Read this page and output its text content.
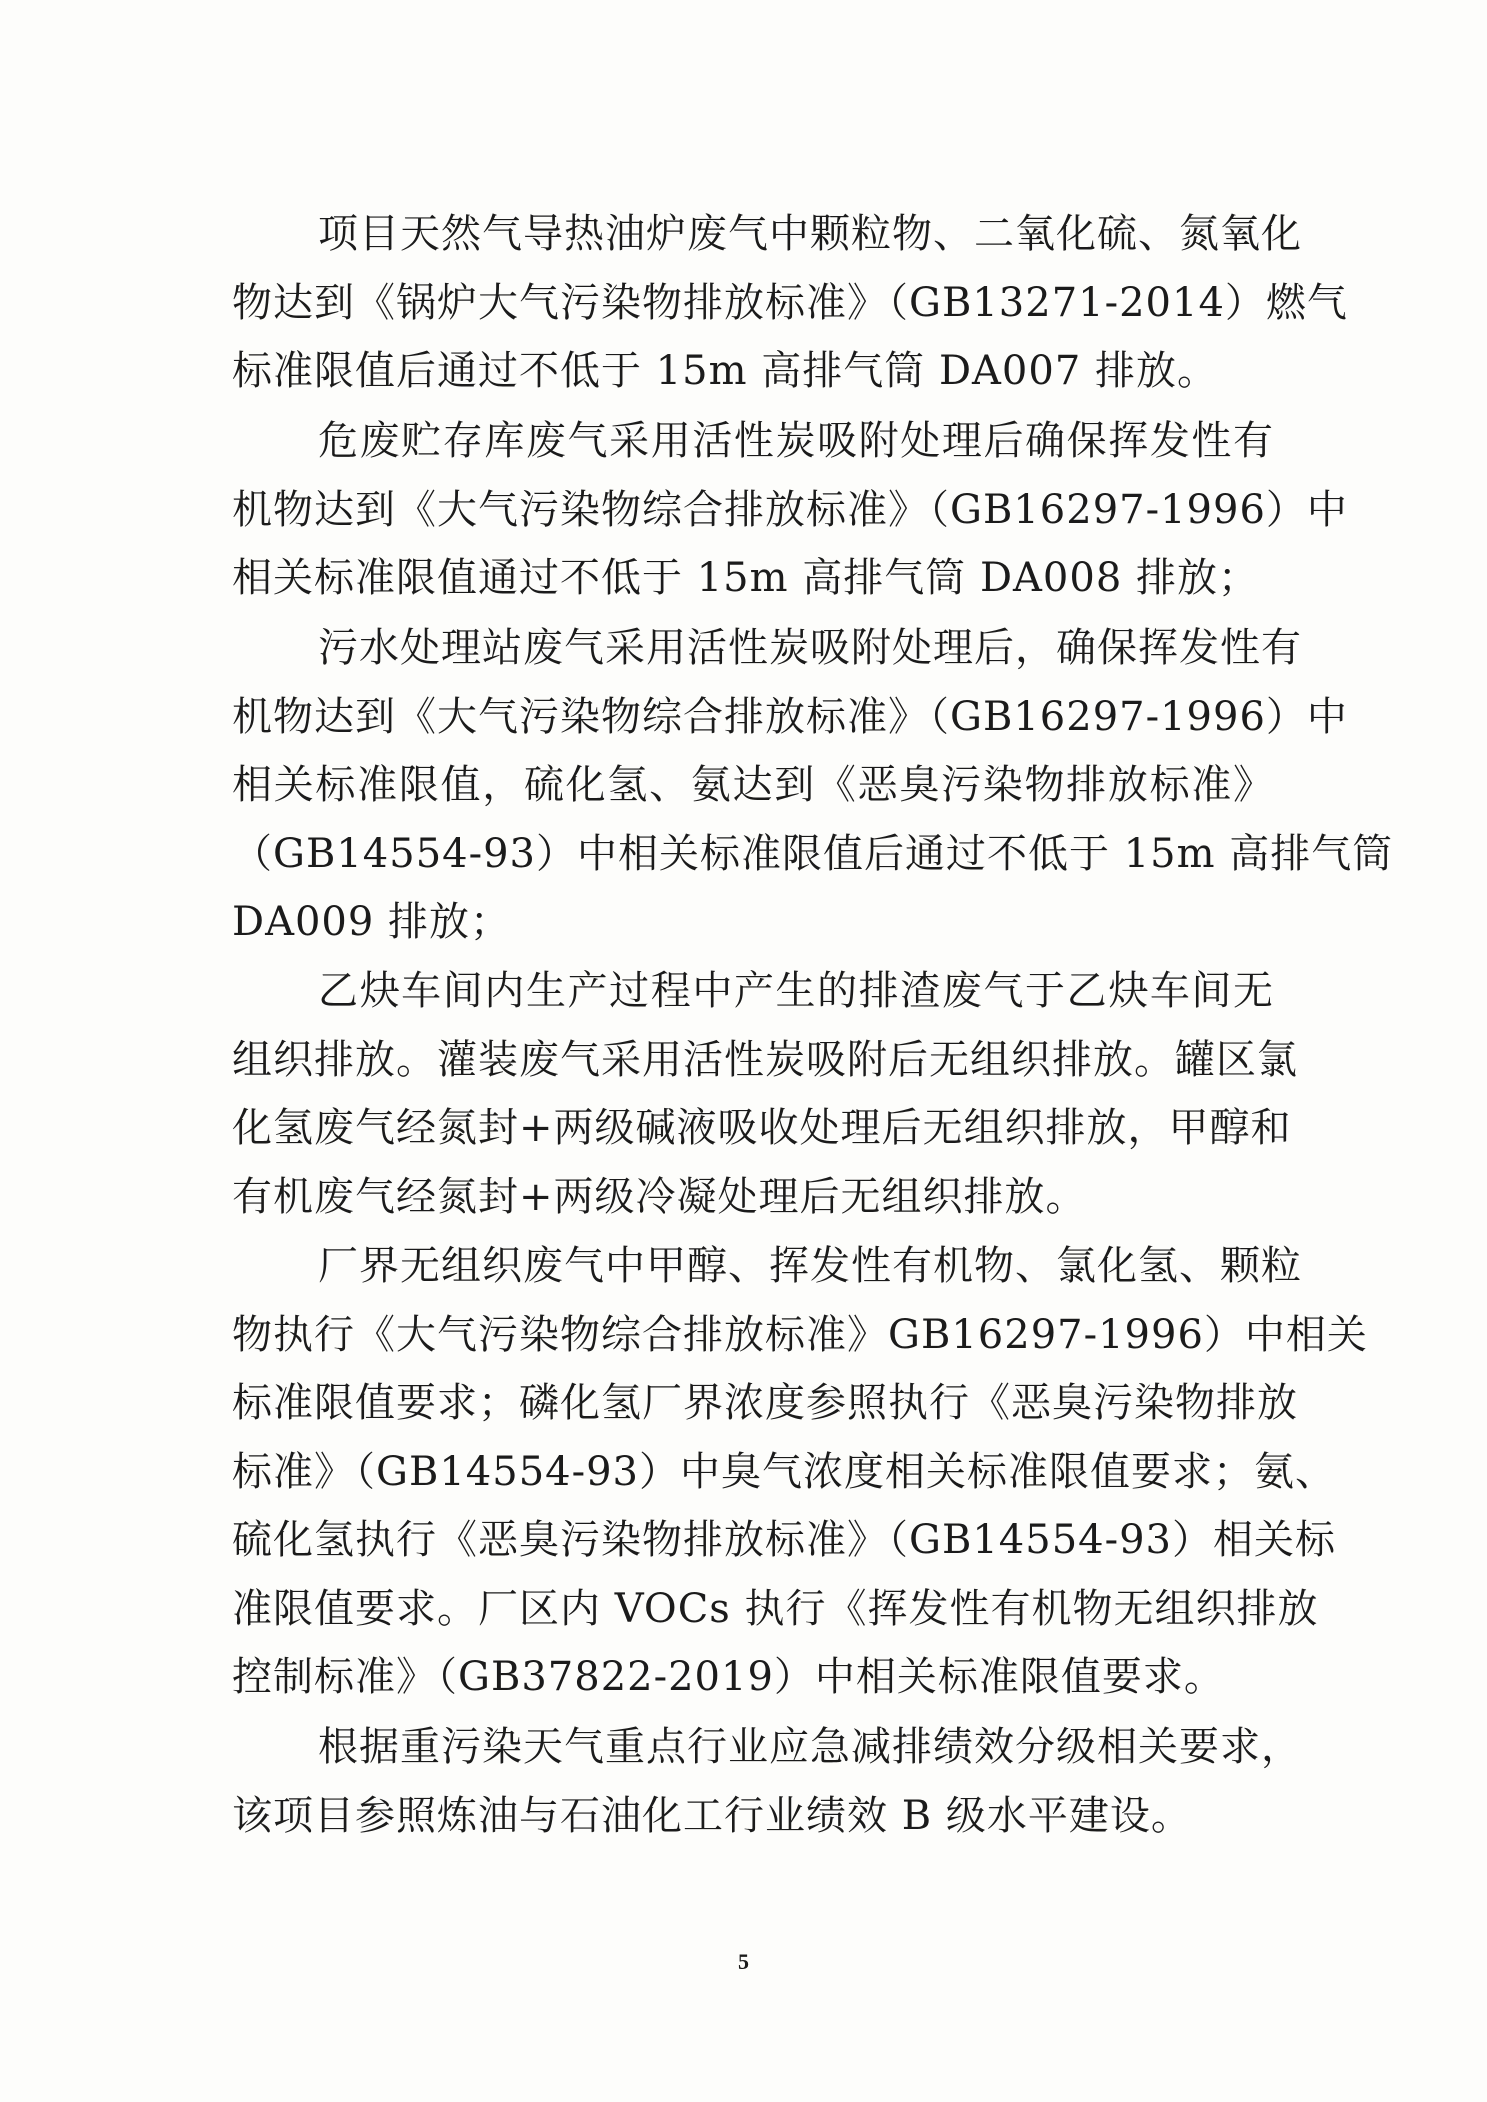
项目天然气导热油炉废气中颗粒物、二氧化硫、氮氧化
物达到《锅炉大气污染物排放标准》（GB13271-2014）燃气
标准限值后通过不低于 15m 高排气筒 DA007 排放。
危废贮存库废气采用活性炭吸附处理后确保挥发性有
机物达到《大气污染物综合排放标准》（GB16297-1996）中
相关标准限值通过不低于 15m 高排气筒 DA008 排放；
污水处理站废气采用活性炭吸附处理后，确保挥发性有
机物达到《大气污染物综合排放标准》（GB16297-1996）中
相关标准限值，硫化氢、氨达到《恶臭污染物排放标准》
（GB14554-93）中相关标准限值后通过不低于 15m 高排气筒
DA009 排放；
乙炔车间内生产过程中产生的排渣废气于乙炔车间无
组织排放。灌装废气采用活性炭吸附后无组织排放。罐区氯
化氢废气经氮封+两级碱液吸收处理后无组织排放，甲醇和
有机废气经氮封+两级冷凝处理后无组织排放。
厂界无组织废气中甲醇、挥发性有机物、氯化氢、颗粒
物执行《大气污染物综合排放标准》GB16297-1996）中相关
标准限值要求；磷化氢厂界浓度参照执行《恶臭污染物排放
标准》（GB14554-93）中臭气浓度相关标准限值要求；氨、
硫化氢执行《恶臭污染物排放标准》（GB14554-93）相关标
准限值要求。厂区内 VOCs 执行《挥发性有机物无组织排放
控制标准》（GB37822-2019）中相关标准限值要求。
根据重污染天气重点行业应急减排绩效分级相关要求，
该项目参照炼油与石油化工行业绩效 B 级水平建设。
5
